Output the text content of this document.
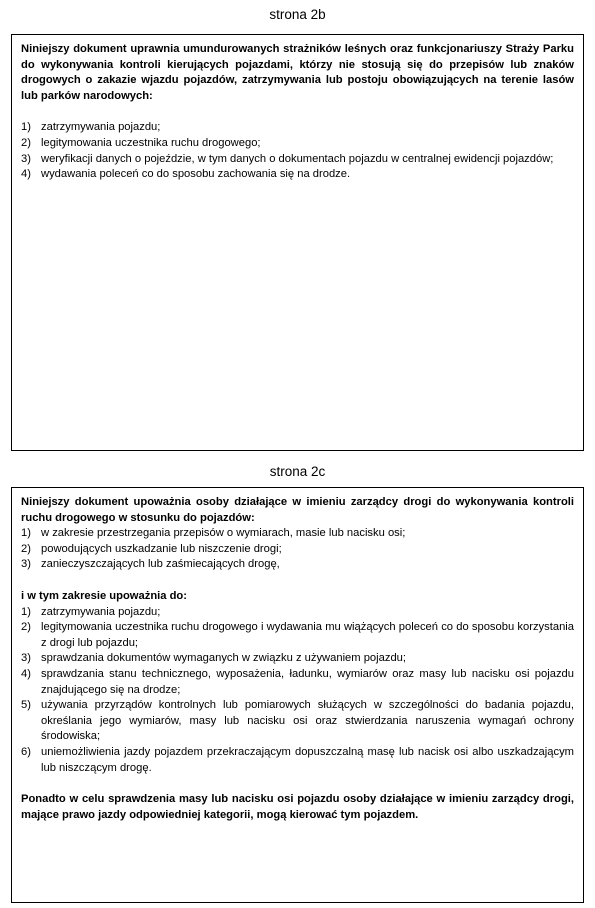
strona 2b
Niniejszy dokument uprawnia umundurowanych strażników leśnych oraz funkcjonariuszy Straży Parku do wykonywania kontroli kierujących pojazdami, którzy nie stosują się do przepisów lub znaków drogowych o zakazie wjazdu pojazdów, zatrzymywania lub postoju obowiązujących na terenie lasów lub parków narodowych:
1) zatrzymywania pojazdu;
2) legitymowania uczestnika ruchu drogowego;
3) weryfikacji danych o pojeździe, w tym danych o dokumentach pojazdu w centralnej ewidencji pojazdów;
4) wydawania poleceń co do sposobu zachowania się na drodze.
strona 2c
Niniejszy dokument upoważnia osoby działające w imieniu zarządcy drogi do wykonywania kontroli ruchu drogowego w stosunku do pojazdów:
1) w zakresie przestrzegania przepisów o wymiarach, masie lub nacisku osi;
2) powodujących uszkadzanie lub niszczenie drogi;
3) zanieczyszczających lub zaśmiecających drogę,
i w tym zakresie upoważnia do:
1) zatrzymywania pojazdu;
2) legitymowania uczestnika ruchu drogowego i wydawania mu wiążących poleceń co do sposobu korzystania z drogi lub pojazdu;
3) sprawdzania dokumentów wymaganych w związku z używaniem pojazdu;
4) sprawdzania stanu technicznego, wyposażenia, ładunku, wymiarów oraz masy lub nacisku osi pojazdu znajdującego się na drodze;
5) używania przyrządów kontrolnych lub pomiarowych służących w szczególności do badania pojazdu, określania jego wymiarów, masy lub nacisku osi oraz stwierdzania naruszenia wymagań ochrony środowiska;
6) uniemożliwienia jazdy pojazdem przekraczającym dopuszczalną masę lub nacisk osi albo uszkadzającym lub niszczącym drogę.
Ponadto w celu sprawdzenia masy lub nacisku osi pojazdu osoby działające w imieniu zarządcy drogi, mające prawo jazdy odpowiedniej kategorii, mogą kierować tym pojazdem.
